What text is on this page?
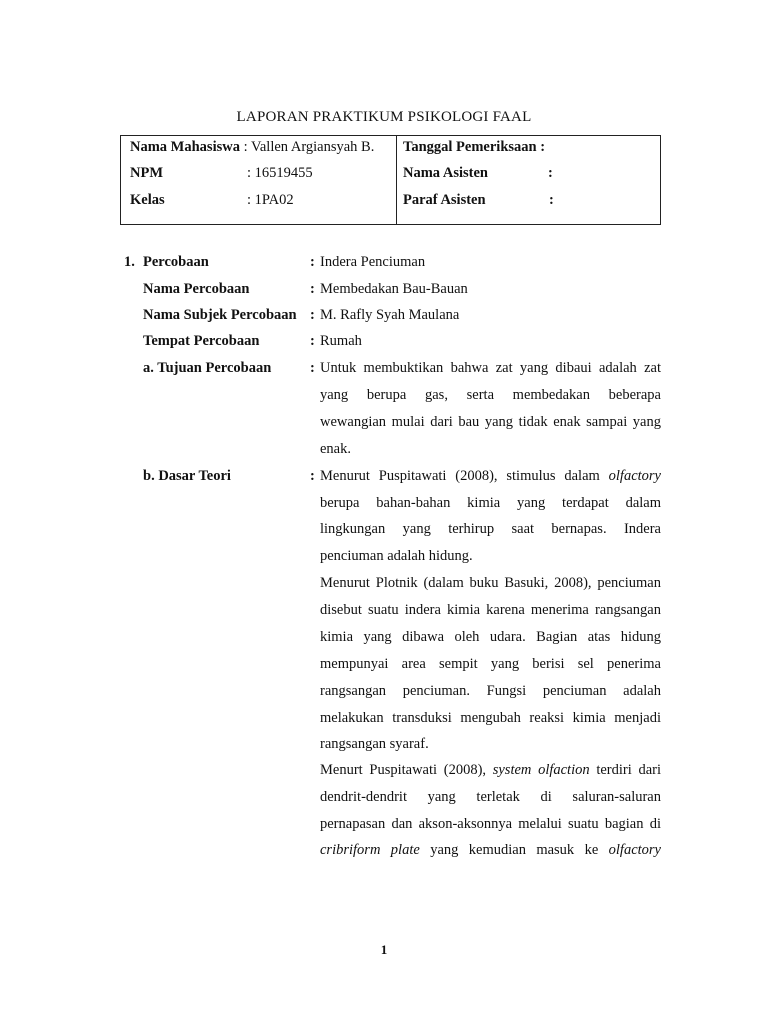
LAPORAN PRAKTIKUM PSIKOLOGI FAAL
Nama Mahasiswa : Vallen Argiansyah B.
NPM	: 16519455
Kelas	: 1PA02
Tanggal Pemeriksaan :
Nama Asisten	:
Paraf Asisten	:
1. Percobaan	: Indera Penciuman
Nama Percobaan	: Membedakan Bau-Bauan
Nama Subjek Percobaan : M. Rafly Syah Maulana
Tempat Percobaan	: Rumah
a. Tujuan Percobaan	: Untuk membuktikan bahwa zat yang dibaui adalah zat
yang berupa gas, serta membedakan beberapa
wewangian mulai dari bau yang tidak enak sampai yang
enak.
b. Dasar Teori	: Menurut Puspitawati (2008), stimulus dalam olfactory
berupa bahan-bahan kimia yang terdapat dalam
lingkungan yang terhirup saat bernapas. Indera
penciuman adalah hidung.
Menurut Plotnik (dalam buku Basuki, 2008), penciuman
disebut suatu indera kimia karena menerima rangsangan
kimia yang dibawa oleh udara. Bagian atas hidung
mempunyai area sempit yang berisi sel penerima
rangsangan penciuman. Fungsi penciuman adalah
melakukan transduksi mengubah reaksi kimia menjadi
rangsangan syaraf.
Menurt Puspitawati (2008), system olfaction terdiri dari
dendrit-dendrit yang terletak di saluran-saluran
pernapasan dan akson-aksonnya melalui suatu bagian di
cribriform plate yang kemudian masuk ke olfactory
1
